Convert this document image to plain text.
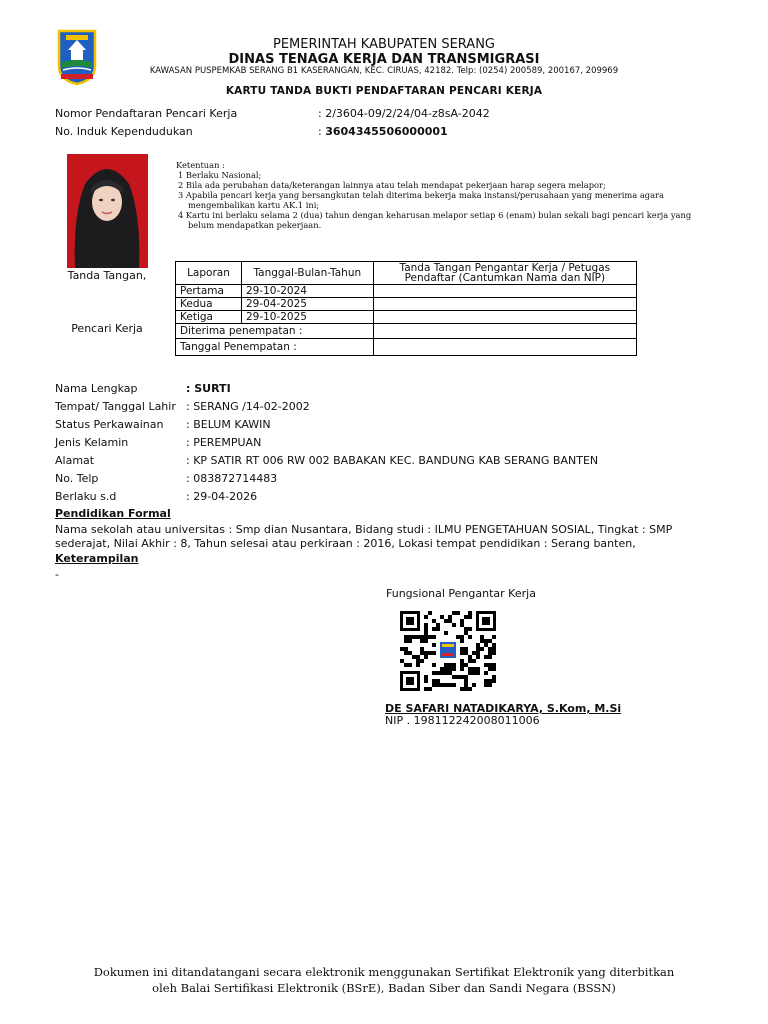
PEMERINTAH KABUPATEN SERANG
DINAS TENAGA KERJA DAN TRANSMIGRASI
KAWASAN PUSPEMKAB SERANG B1 KASERANGAN, KEC. CIRUAS, 42182. Telp: (0254) 200589, 200167, 209969
KARTU TANDA BUKTI PENDAFTARAN PENCARI KERJA
Nomor Pendaftaran Pencari Kerja	: 2/3604-09/2/24/04-z8sA-2042
No. Induk Kependudukan	: 3604345506000001
Tanda Tangan,
Pencari Kerja
Ketentuan :
1 Berlaku Nasional;
2 Bila ada perubahan data/keterangan lainnya atau telah mendapat pekerjaan harap segera melapor;
3 Apabila pencari kerja yang bersangkutan telah diterima bekerja maka instansi/perusahaan yang menerima agara mengembalikan kartu AK.1 ini;
4 Kartu ini berlaku selama 2 (dua) tahun dengan keharusan melapor setiap 6 (enam) bulan sekali bagi pencari kerja yang belum mendapatkan pekerjaan.
Laporan	Tanggal-Bulan-Tahun	Tanda Tangan Pengantar Kerja / Petugas Pendaftar (Cantumkan Nama dan NIP)
Pertama	29-10-2024	
Kedua	29-04-2025	
Ketiga	29-10-2025	
Diterima penempatan :		
Tanggal Penempatan :		
Nama Lengkap	: SURTI
Tempat/ Tanggal Lahir : SERANG /14-02-2002
Status Perkawainan : BELUM KAWIN
Jenis Kelamin	: PEREMPUAN
Alamat	: KP SATIR RT 006 RW 002 BABAKAN KEC. BANDUNG KAB SERANG BANTEN
No. Telp	: 083872714483
Berlaku s.d	: 29-04-2026
Pendidikan Formal
Nama sekolah atau universitas : Smp dian Nusantara, Bidang studi : ILMU PENGETAHUAN SOSIAL, Tingkat : SMP sederajat, Nilai Akhir : 8, Tahun selesai atau perkiraan : 2016, Lokasi tempat pendidikan : Serang banten,
Keterampilan
-
Fungsional Pengantar Kerja
DE SAFARI NATADIKARYA, S.Kom, M.Si
NIP . 198112242008011006
Dokumen ini ditandatangani secara elektronik menggunakan Sertifikat Elektronik yang diterbitkan
oleh Balai Sertifikasi Elektronik (BSrE), Badan Siber dan Sandi Negara (BSSN)
